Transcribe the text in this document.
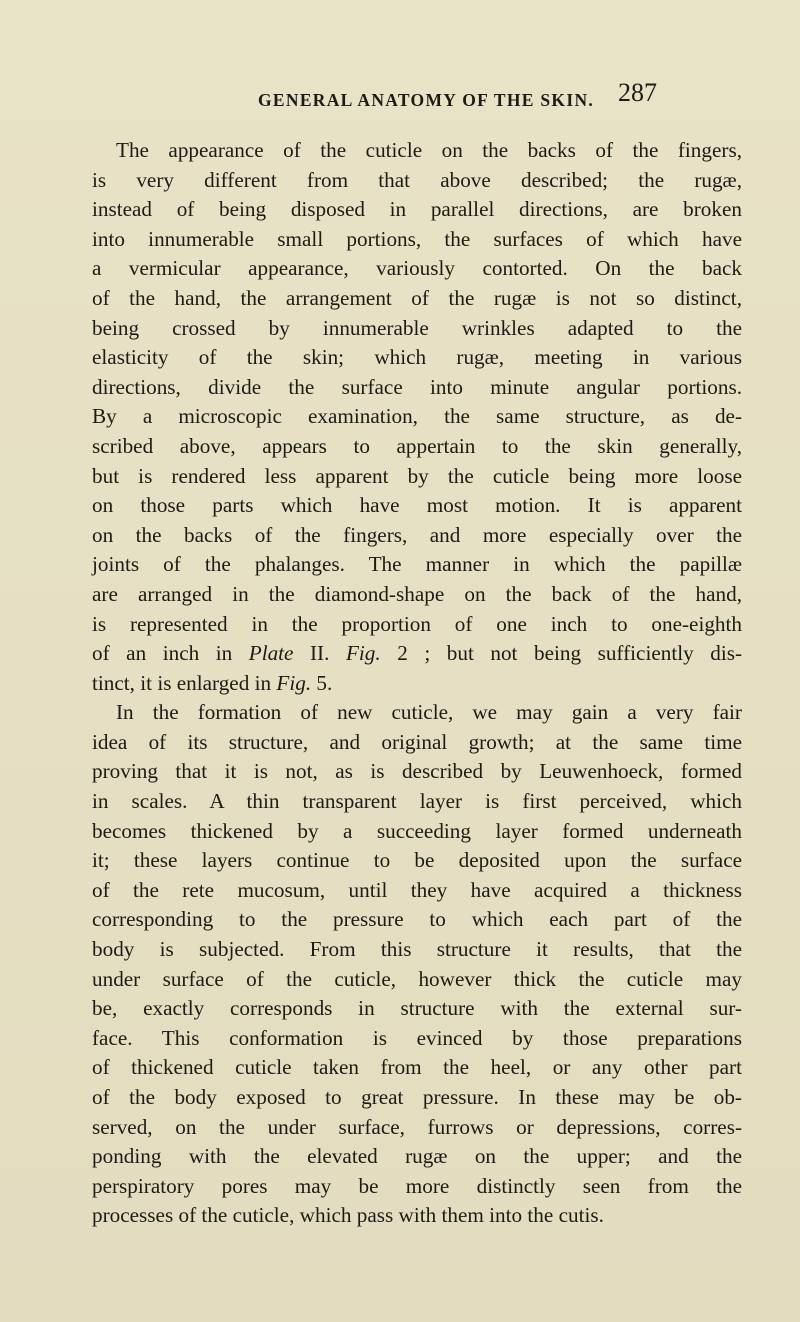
GENERAL ANATOMY OF THE SKIN. 287
The appearance of the cuticle on the backs of the fingers,
is very different from that above described; the rugæ,
instead of being disposed in parallel directions, are broken
into innumerable small portions, the surfaces of which have
a vermicular appearance, variously contorted. On the back
of the hand, the arrangement of the rugæ is not so distinct,
being crossed by innumerable wrinkles adapted to the
elasticity of the skin; which rugæ, meeting in various
directions, divide the surface into minute angular portions.
By a microscopic examination, the same structure, as de-
scribed above, appears to appertain to the skin generally,
but is rendered less apparent by the cuticle being more loose
on those parts which have most motion. It is apparent
on the backs of the fingers, and more especially over the
joints of the phalanges. The manner in which the papillæ
are arranged in the diamond-shape on the back of the hand,
is represented in the proportion of one inch to one-eighth
of an inch in Plate II. Fig. 2 ; but not being sufficiently dis-
tinct, it is enlarged in Fig. 5.
In the formation of new cuticle, we may gain a very fair
idea of its structure, and original growth; at the same time
proving that it is not, as is described by Leuwenhoeck, formed
in scales. A thin transparent layer is first perceived, which
becomes thickened by a succeeding layer formed underneath
it; these layers continue to be deposited upon the surface
of the rete mucosum, until they have acquired a thickness
corresponding to the pressure to which each part of the
body is subjected. From this structure it results, that the
under surface of the cuticle, however thick the cuticle may
be, exactly corresponds in structure with the external sur-
face. This conformation is evinced by those preparations
of thickened cuticle taken from the heel, or any other part
of the body exposed to great pressure. In these may be ob-
served, on the under surface, furrows or depressions, corres-
ponding with the elevated rugæ on the upper; and the
perspiratory pores may be more distinctly seen from the
processes of the cuticle, which pass with them into the cutis.
